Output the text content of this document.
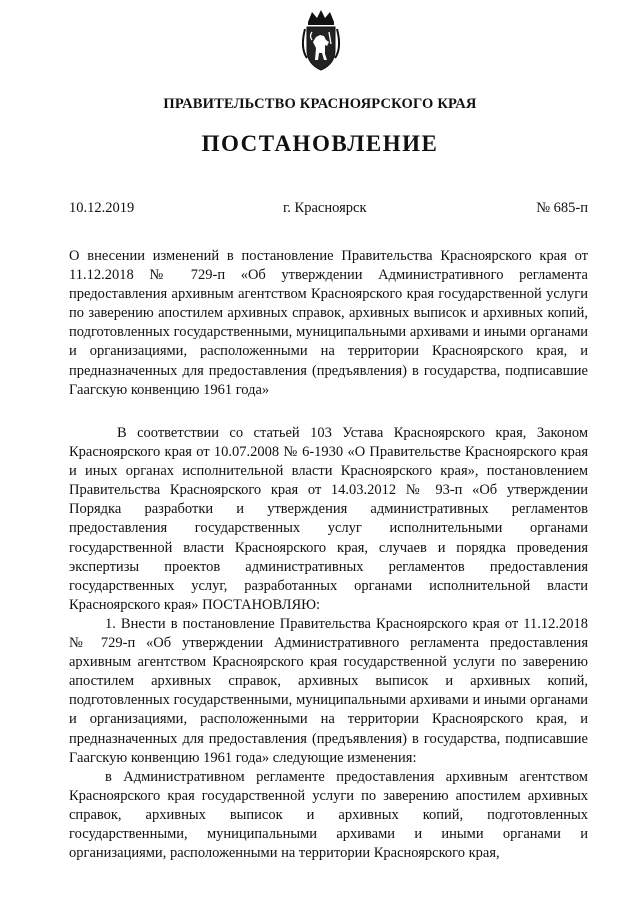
ПРАВИТЕЛЬСТВО КРАСНОЯРСКОГО КРАЯ
ПОСТАНОВЛЕНИЕ
10.12.2019	г. Красноярск	№ 685-п

О внесении изменений в постановление Правительства Красноярского края от 11.12.2018 № 729-п «Об утверждении Административного регламента предоставления архивным агентством Красноярского края государственной услуги по заверению апостилем архивных справок, архивных выписок и архивных копий, подготовленных государственными, муниципальными архивами и иными органами и организациями, расположенными на территории Красноярского края, и предназначенных для предоставления (предъявления) в государства, подписавшие Гаагскую конвенцию 1961 года»

В соответствии со статьей 103 Устава Красноярского края, Законом Красноярского края от 10.07.2008 № 6-1930 «О Правительстве Красноярского края и иных органах исполнительной власти Красноярского края», постановлением Правительства Красноярского края от 14.03.2012 № 93-п «Об утверждении Порядка разработки и утверждения административных регламентов предоставления государственных услуг исполнительными органами государственной власти Красноярского края, случаев и порядка проведения экспертизы проектов административных регламентов предоставления государственных услуг, разработанных органами исполнительной власти Красноярского края» ПОСТАНОВЛЯЮ:

1. Внести в постановление Правительства Красноярского края от 11.12.2018 № 729-п «Об утверждении Административного регламента предоставления архивным агентством Красноярского края государственной услуги по заверению апостилем архивных справок, архивных выписок и архивных копий, подготовленных государственными, муниципальными архивами и иными органами и организациями, расположенными на территории Красноярского края, и предназначенных для предоставления (предъявления) в государства, подписавшие Гаагскую конвенцию 1961 года» следующие изменения:

в Административном регламенте предоставления архивным агентством Красноярского края государственной услуги по заверению апостилем архивных справок, архивных выписок и архивных копий, подготовленных государственными, муниципальными архивами и иными органами и организациями, расположенными на территории Красноярского края,
